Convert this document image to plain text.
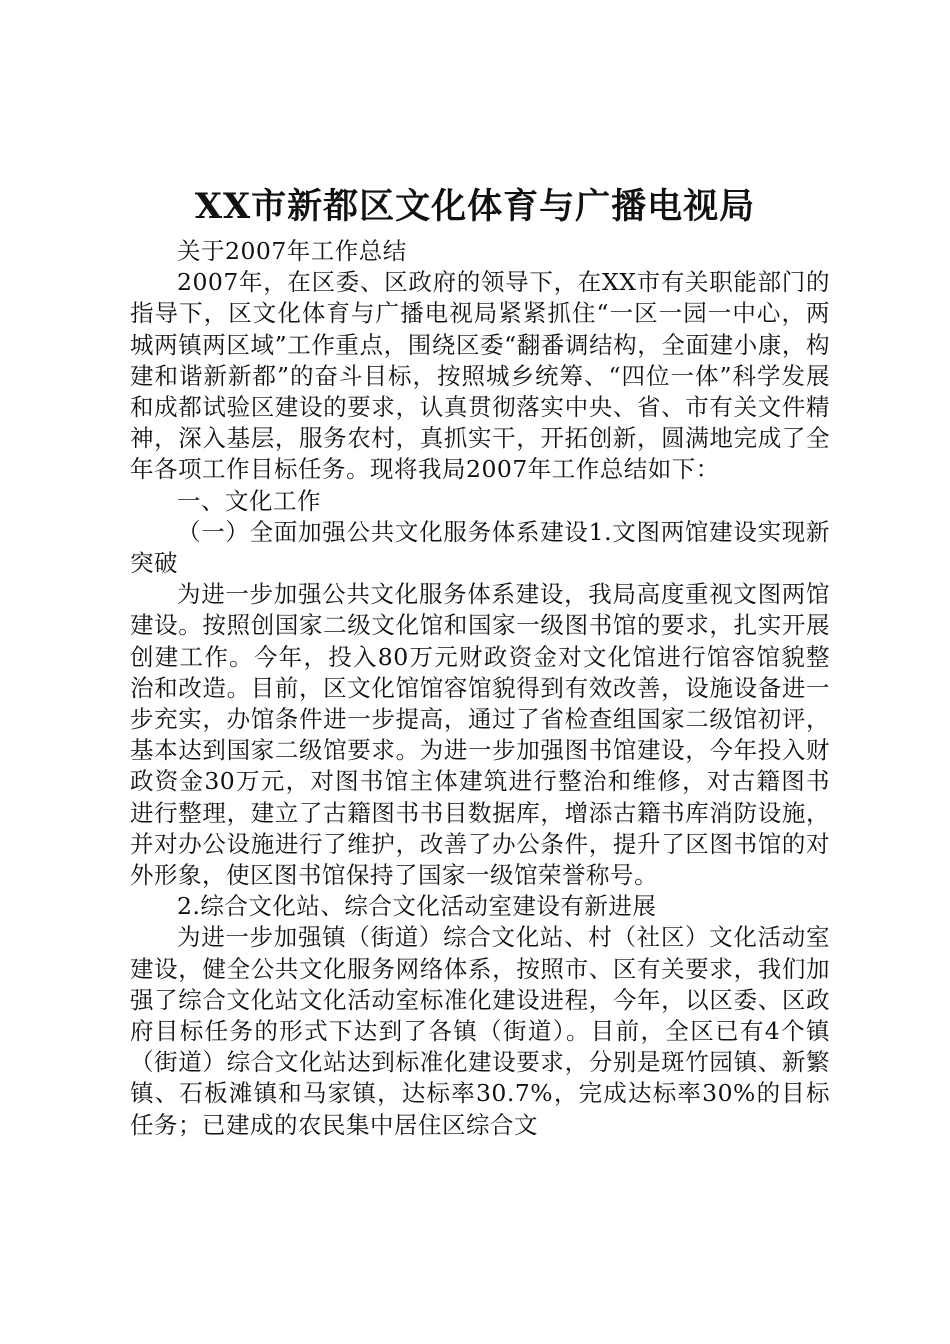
XX市新都区文化体育与广播电视局

关于2007年工作总结

2007年，在区委、区政府的领导下，在XX市有关职能部门的指导下，区文化体育与广播电视局紧紧抓住“一区一园一中心，两城两镇两区域”工作重点，围绕区委“翻番调结构，全面建小康，构建和谐新新都”的奋斗目标，按照城乡统筹、“四位一体”科学发展和成都试验区建设的要求，认真贯彻落实中央、省、市有关文件精神，深入基层，服务农村，真抓实干，开拓创新，圆满地完成了全年各项工作目标任务。现将我局2007年工作总结如下：

一、文化工作

（一）全面加强公共文化服务体系建设1.文图两馆建设实现新突破

为进一步加强公共文化服务体系建设，我局高度重视文图两馆建设。按照创国家二级文化馆和国家一级图书馆的要求，扎实开展创建工作。今年，投入80万元财政资金对文化馆进行馆容馆貌整治和改造。目前，区文化馆馆容馆貌得到有效改善，设施设备进一步充实，办馆条件进一步提高，通过了省检查组国家二级馆初评，基本达到国家二级馆要求。为进一步加强图书馆建设，今年投入财政资金30万元，对图书馆主体建筑进行整治和维修，对古籍图书进行整理，建立了古籍图书书目数据库，增添古籍书库消防设施，并对办公设施进行了维护，改善了办公条件，提升了区图书馆的对外形象，使区图书馆保持了国家一级馆荣誉称号。

2.综合文化站、综合文化活动室建设有新进展

为进一步加强镇（街道）综合文化站、村（社区）文化活动室建设，健全公共文化服务网络体系，按照市、区有关要求，我们加强了综合文化站文化活动室标准化建设进程，今年，以区委、区政府目标任务的形式下达到了各镇（街道）。目前，全区已有4个镇（街道）综合文化站达到标准化建设要求，分别是斑竹园镇、新繁镇、石板滩镇和马家镇，达标率30.7%，完成达标率30%的目标任务；已建成的农民集中居住区综合文
